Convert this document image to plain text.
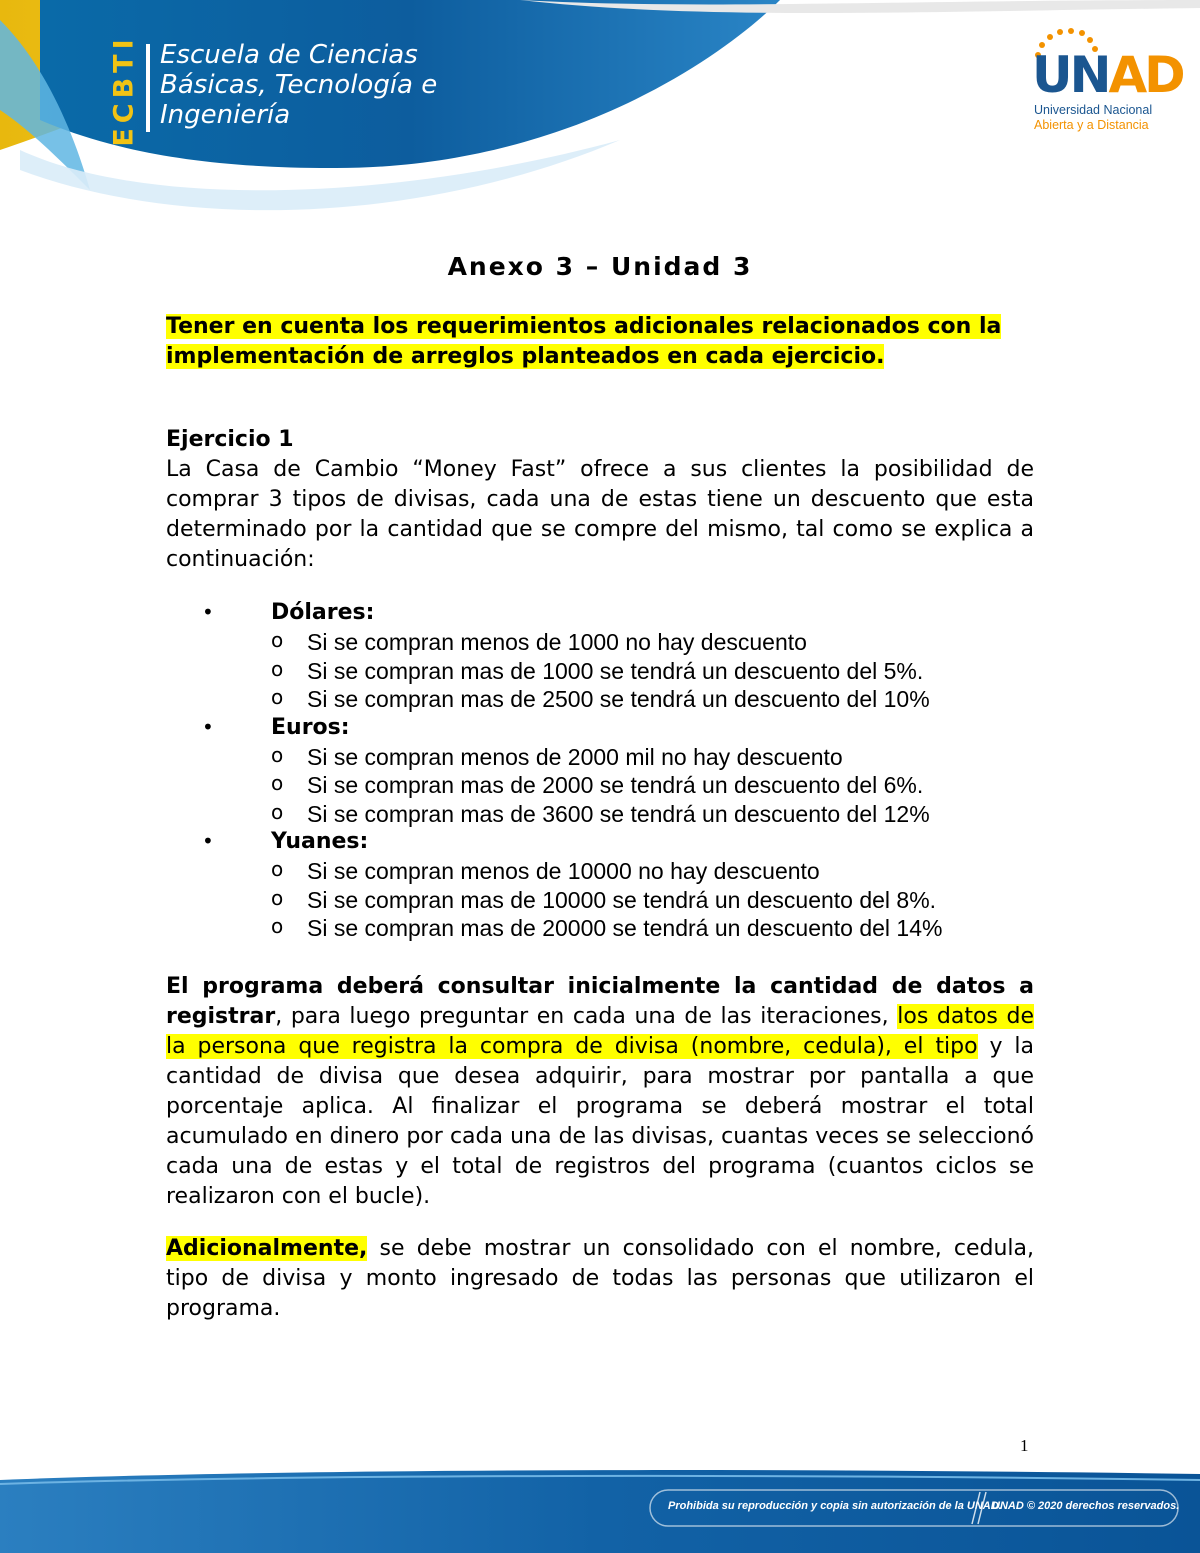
ECBTI Escuela de Ciencias
Básicas, Tecnología e
Ingeniería
UNAD
Universidad Nacional
Abierta y a Distancia
Anexo 3 – Unidad 3
Tener en cuenta los requerimientos adicionales relacionados con la implementación de arreglos planteados en cada ejercicio.
Ejercicio 1
La Casa de Cambio “Money Fast” ofrece a sus clientes la posibilidad de comprar 3 tipos de divisas, cada una de estas tiene un descuento que esta determinado por la cantidad que se compre del mismo, tal como se explica a continuación:
•	Dólares:
o Si se compran menos de 1000 no hay descuento
o Si se compran mas de 1000 se tendrá un descuento del 5%.
o Si se compran mas de 2500 se tendrá un descuento del 10%
•	Euros:
o Si se compran menos de 2000 mil no hay descuento
o Si se compran mas de 2000 se tendrá un descuento del 6%.
o Si se compran mas de 3600 se tendrá un descuento del 12%
•	Yuanes:
o Si se compran menos de 10000 no hay descuento
o Si se compran mas de 10000 se tendrá un descuento del 8%.
o Si se compran mas de 20000 se tendrá un descuento del 14%
El programa deberá consultar inicialmente la cantidad de datos a registrar, para luego preguntar en cada una de las iteraciones, los datos de la persona que registra la compra de divisa (nombre, cedula), el tipo y la cantidad de divisa que desea adquirir, para mostrar por pantalla a que porcentaje aplica. Al finalizar el programa se deberá mostrar el total acumulado en dinero por cada una de las divisas, cuantas veces se seleccionó cada una de estas y el total de registros del programa (cuantos ciclos se realizaron con el bucle).
Adicionalmente, se debe mostrar un consolidado con el nombre, cedula, tipo de divisa y monto ingresado de todas las personas que utilizaron el programa.
1
Prohibida su reproducción y copia sin autorización de la UNAD.
UNAD © 2020 derechos reservados.
